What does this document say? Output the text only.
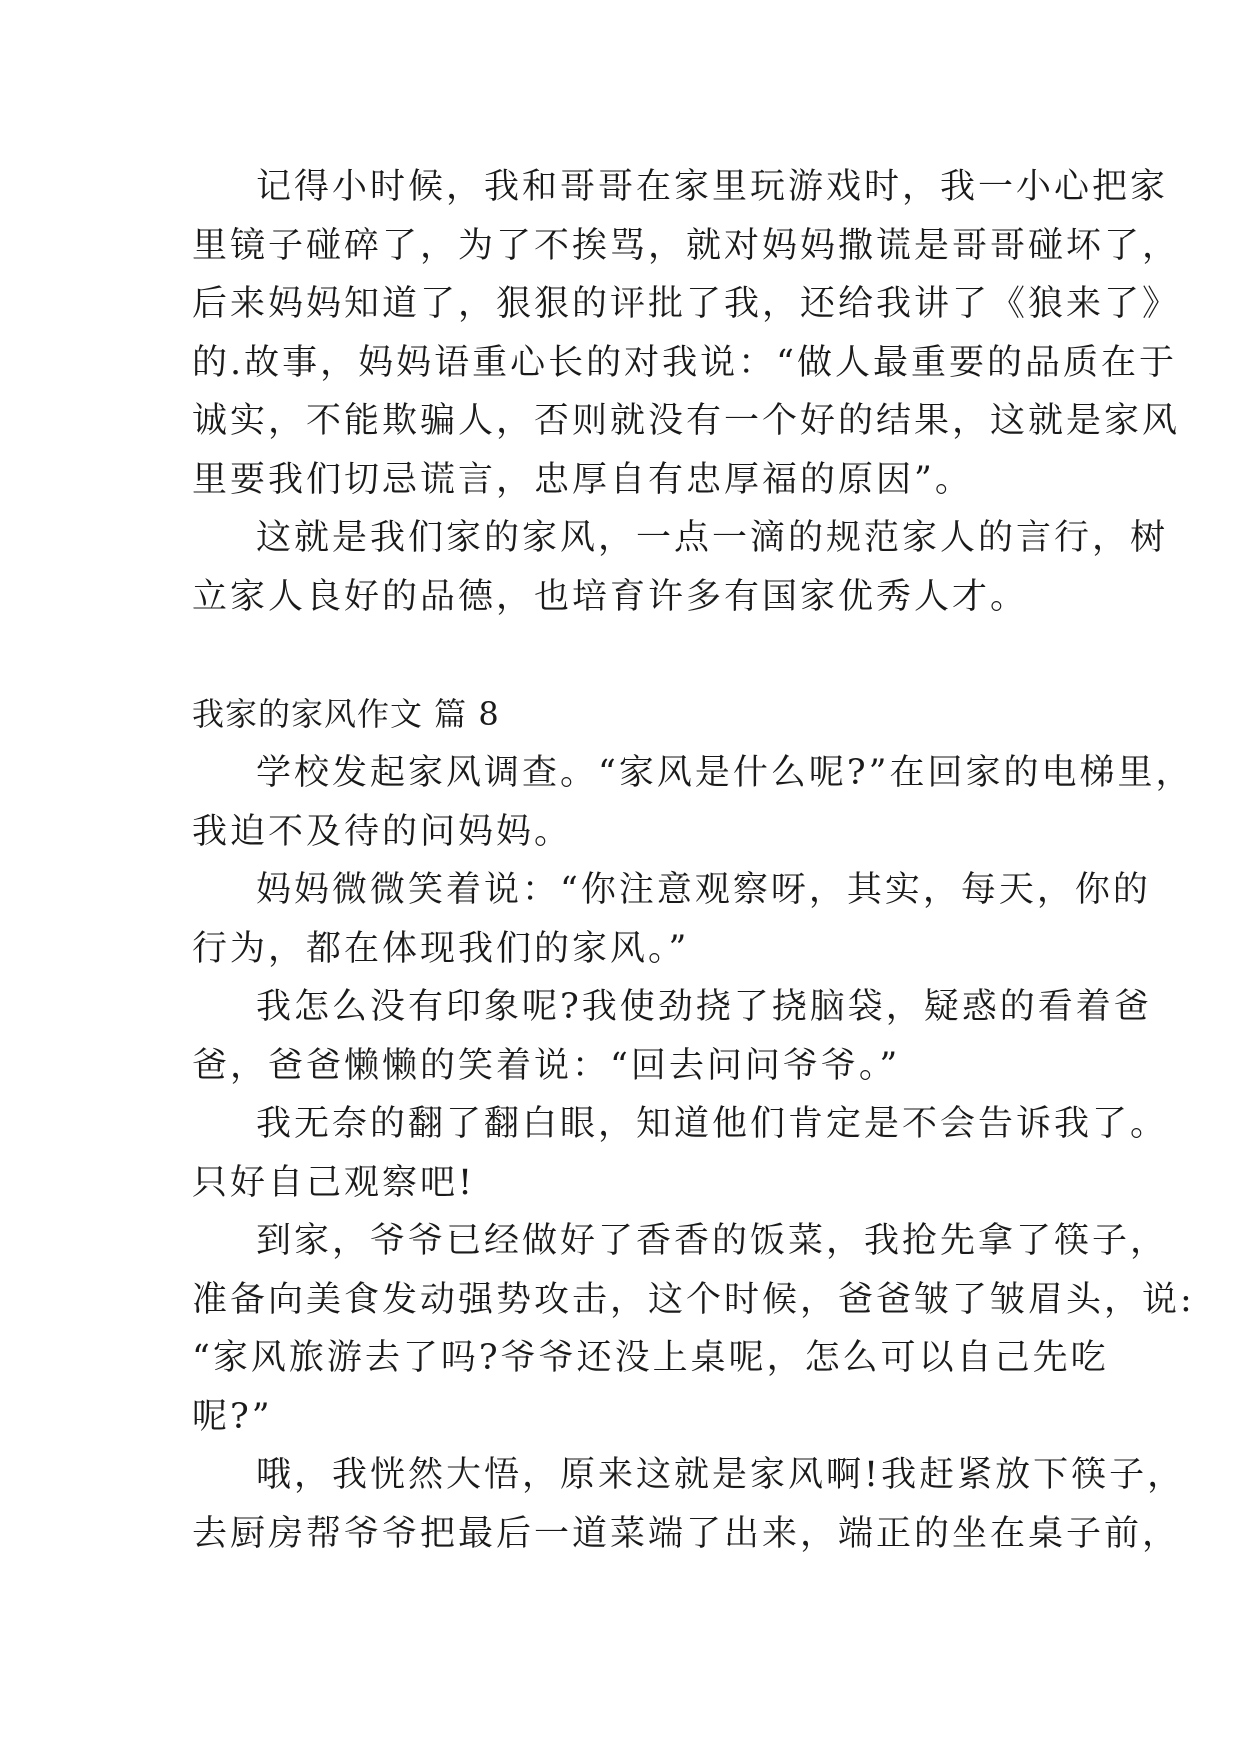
记得小时候，我和哥哥在家里玩游戏时，我一小心把家
里镜子碰碎了，为了不挨骂，就对妈妈撒谎是哥哥碰坏了，
后来妈妈知道了，狠狠的评批了我，还给我讲了《狼来了》
的.故事，妈妈语重心长的对我说：“做人最重要的品质在于
诚实，不能欺骗人，否则就没有一个好的结果，这就是家风
里要我们切忌谎言，忠厚自有忠厚福的原因”。
这就是我们家的家风，一点一滴的规范家人的言行，树
立家人良好的品德，也培育许多有国家优秀人才。
我家的家风作文 篇 8
学校发起家风调查。“家风是什么呢?”在回家的电梯里，
我迫不及待的问妈妈。
妈妈微微笑着说：“你注意观察呀，其实，每天，你的
行为，都在体现我们的家风。”
我怎么没有印象呢?我使劲挠了挠脑袋，疑惑的看着爸
爸，爸爸懒懒的笑着说：“回去问问爷爷。”
我无奈的翻了翻白眼，知道他们肯定是不会告诉我了。
只好自己观察吧!
到家，爷爷已经做好了香香的饭菜，我抢先拿了筷子，
准备向美食发动强势攻击，这个时候，爸爸皱了皱眉头，说:
“家风旅游去了吗?爷爷还没上桌呢，怎么可以自己先吃
呢?”
哦，我恍然大悟，原来这就是家风啊!我赶紧放下筷子，
去厨房帮爷爷把最后一道菜端了出来，端正的坐在桌子前，
